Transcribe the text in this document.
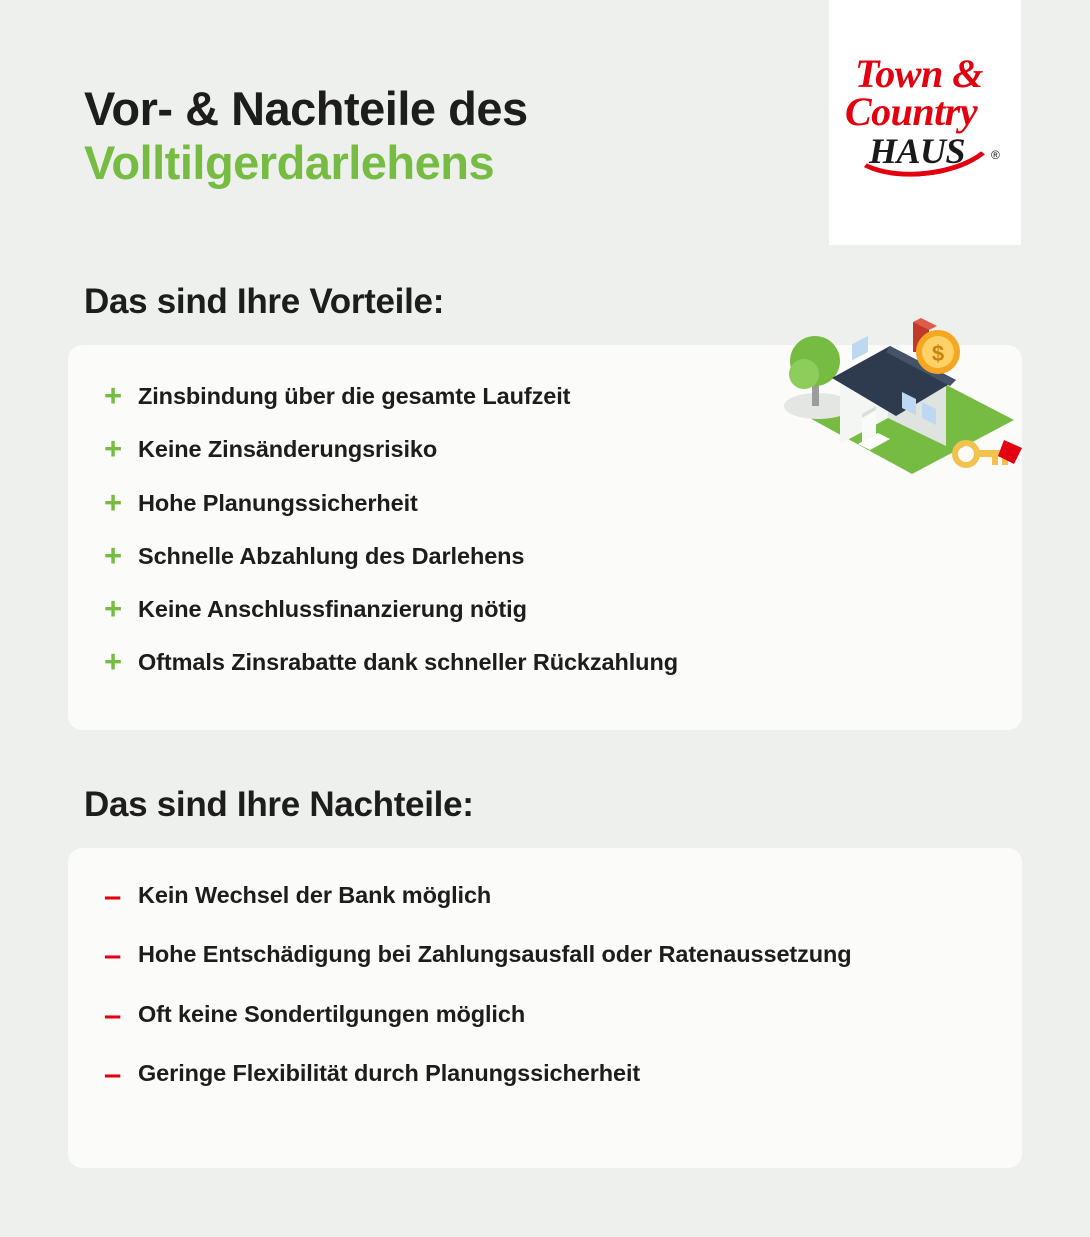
Town &
Country
HAUS ®
Vor- & Nachteile des
Volltilgerdarlehens
Das sind Ihre Vorteile:
+ Zinsbindung über die gesamte Laufzeit
+ Keine Zinsänderungsrisiko
+ Hohe Planungssicherheit
+ Schnelle Abzahlung des Darlehens
+ Keine Anschlussfinanzierung nötig
+ Oftmals Zinsrabatte dank schneller Rückzahlung
$
Das sind Ihre Nachteile:
– Kein Wechsel der Bank möglich
– Hohe Entschädigung bei Zahlungsausfall oder Ratenaussetzung
– Oft keine Sondertilgungen möglich
– Geringe Flexibilität durch Planungssicherheit
